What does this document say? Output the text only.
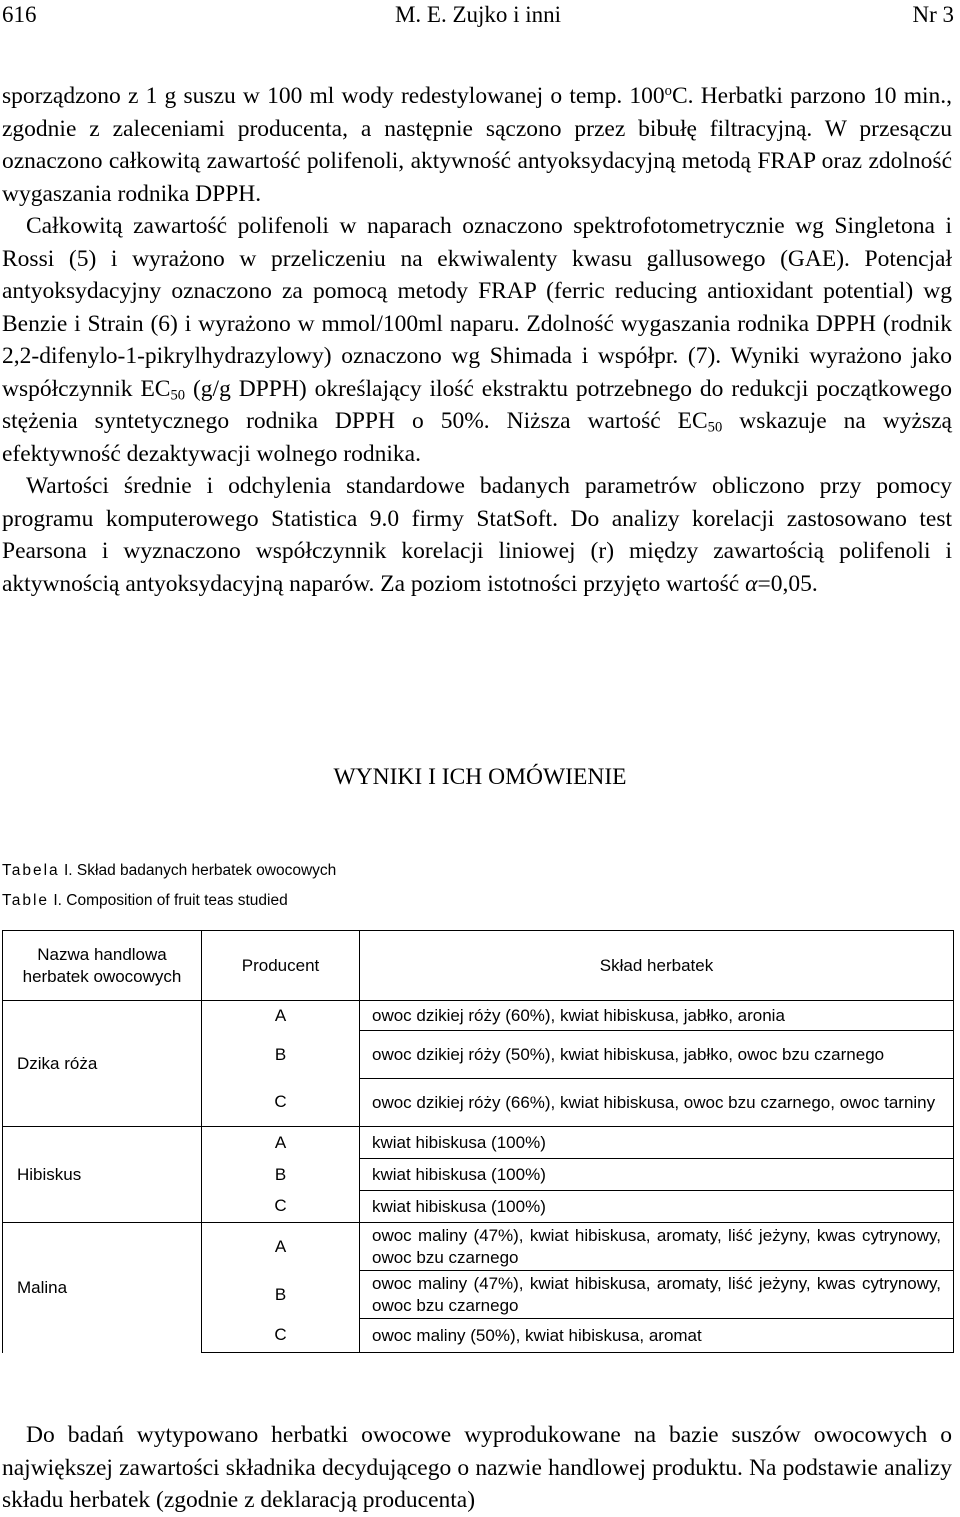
616	M. E. Zujko i inni	Nr 3

sporządzono z 1 g suszu w 100 ml wody redestylowanej o temp. 100$^o$C. Herbatki parzono 10 min., zgodnie z zaleceniami producenta, a następnie sączono przez bibułę filtracyjną. W przesączu oznaczono całkowitą zawartość polifenoli, aktywność antyoksydacyjną metodą FRAP oraz zdolność wygaszania rodnika DPPH.

Całkowitą zawartość polifenoli w naparach oznaczono spektrofotometrycznie wg Singletona i Rossi (5) i wyrażono w przeliczeniu na ekwiwalenty kwasu gallusowego (GAE). Potencjał antyoksydacyjny oznaczono za pomocą metody FRAP (ferric reducing antioxidant potential) wg Benzie i Strain (6) i wyrażono w mmol/100ml naparu. Zdolność wygaszania rodnika DPPH (rodnik 2,2-difenylo-1-pikrylhydrazylowy) oznaczono wg Shimada i współpr. (7). Wyniki wyrażono jako współczynnik $EC_{50}$ (g/g DPPH) określający ilość ekstraktu potrzebnego do redukcji początkowego stężenia syntetycznego rodnika DPPH o 50%. Niższa wartość $EC_{50}$ wskazuje na wyższą efektywność dezaktywacji wolnego rodnika.

Wartości średnie i odchylenia standardowe badanych parametrów obliczono przy pomocy programu komputerowego Statistica 9.0 firmy StatSoft. Do analizy korelacji zastosowano test Pearsona i wyznaczono współczynnik korelacji liniowej (r) między zawartością polifenoli i aktywnością antyoksydacyjną naparów. Za poziom istotności przyjęto wartość α=0,05.

WYNIKI I ICH OMÓWIENIE
Tabela I. Skład badanych herbatek owocowych
Table I. Composition of fruit teas studied
Nazwa handlowa herbatek owocowych	Producent	Skład herbatek
Dzika róża	A	owoc dzikiej róży (60%), kwiat hibiskusa, jabłko, aronia
	B	owoc dzikiej róży (50%), kwiat hibiskusa, jabłko, owoc bzu czarnego
	C	owoc dzikiej róży (66%), kwiat hibiskusa, owoc bzu czarnego, owoc tarniny
Hibiskus	A	kwiat hibiskusa (100%)
	B	kwiat hibiskusa (100%)
	C	kwiat hibiskusa (100%)
Malina	A	owoc maliny (47%), kwiat hibiskusa, aromaty, liść jeżyny, kwas cytrynowy, owoc bzu czarnego
	B	owoc maliny (47%), kwiat hibiskusa, aromaty, liść jeżyny, kwas cytrynowy, owoc bzu czarnego
	C	owoc maliny (50%), kwiat hibiskusa, aromat

Do badań wytypowano herbatki owocowe wyprodukowane na bazie suszów owocowych o największej zawartości składnika decydującego o nazwie handlowej produktu. Na podstawie analizy składu herbatek (zgodnie z deklaracją producenta)
